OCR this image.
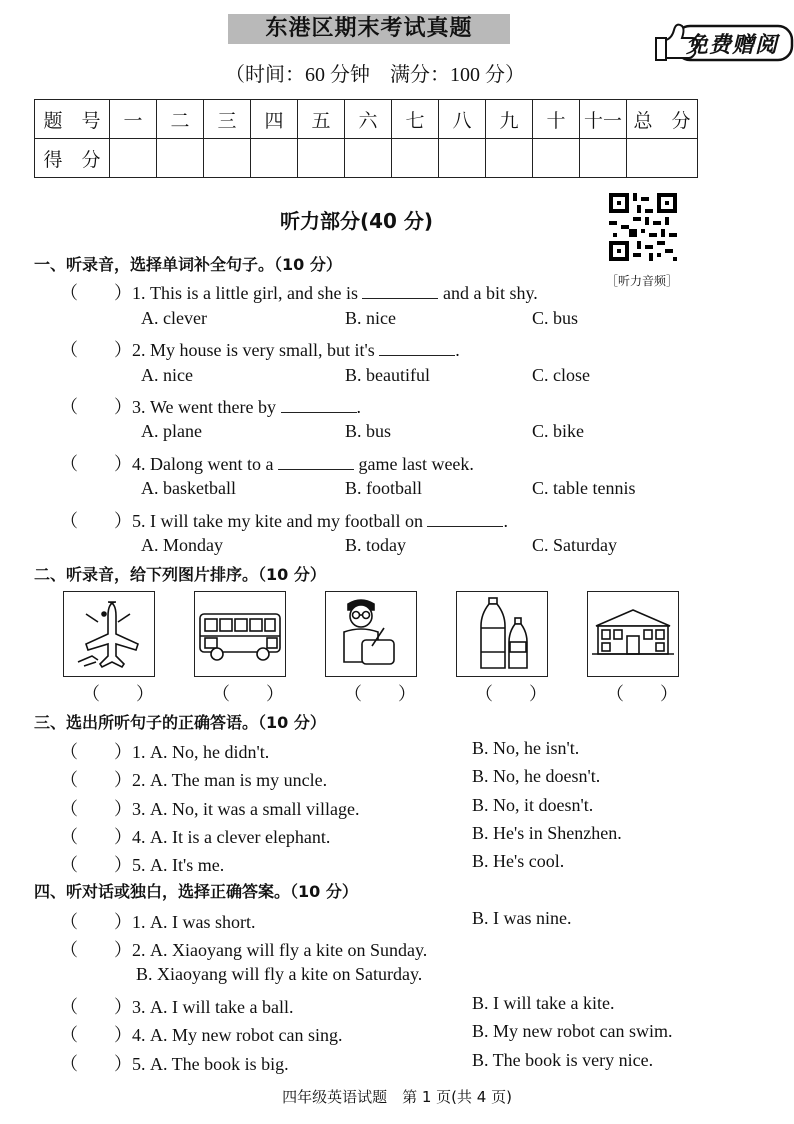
东港区期末考试真题
（时间：60 分钟　满分：100 分）
免费赠阅
题　号	一	二	三	四	五	六	七	八	九	十	十一	总　分
得　分												
听力部分(40 分)
［听力音频］
一、听录音，选择单词补全句子。（10 分）
（　　）1. This is a little girl, and she is	and a bit shy.
A. clever	B. nice	C. bus
（　　）2. My house is very small, but it's	.
A. nice	B. beautiful	C. close
（　　）3. We went there by	.
A. plane	B. bus	C. bike
（　　）4. Dalong went to a	game last week.
A. basketball	B. football	C. table tennis
（　　）5. I will take my kite and my football on	.
A. Monday	B. today	C. Saturday
二、听录音，给下列图片排序。（10 分）
（　　）	（　　）	（　　）	（　　）	（　　）
三、选出所听句子的正确答语。（10 分）
（　　）1. A. No, he didn't.	B. No, he isn't.
（　　）2. A. The man is my uncle.	B. No, he doesn't.
（　　）3. A. No, it was a small village.	B. No, it doesn't.
（　　）4. A. It is a clever elephant.	B. He's in Shenzhen.
（　　）5. A. It's me.	B. He's cool.
四、听对话或独白，选择正确答案。（10 分）
（　　）1. A. I was short.	B. I was nine.
（　　）2. A. Xiaoyang will fly a kite on Sunday.
B. Xiaoyang will fly a kite on Saturday.
（　　）3. A. I will take a ball.	B. I will take a kite.
（　　）4. A. My new robot can sing.	B. My new robot can swim.
（　　）5. A. The book is big.	B. The book is very nice.
四年级英语试题　第 1 页(共 4 页)
